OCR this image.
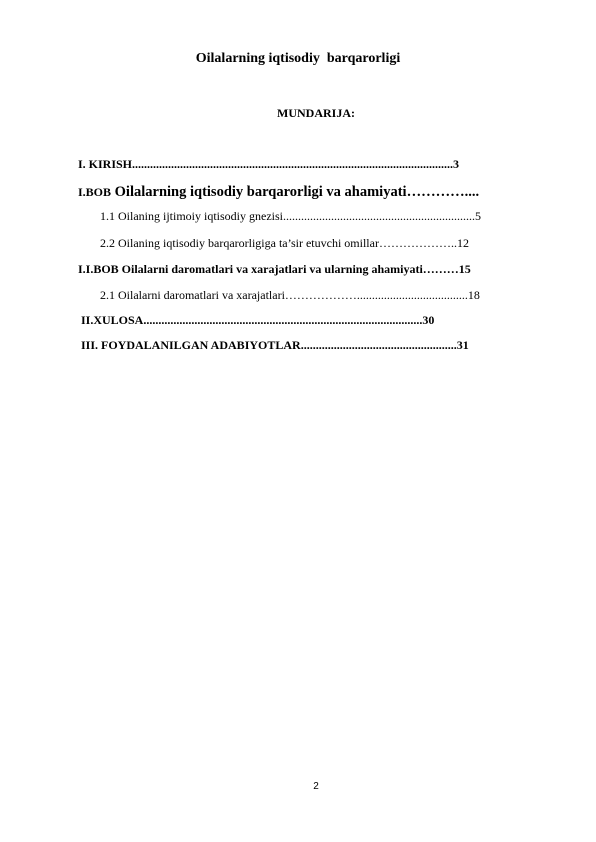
Oilalarning iqtisodiy  barqarorligi
MUNDARIJA:
I. KIRISH...........................................................................................................3
I.BOB Oilalarning iqtisodiy barqarorligi va ahamiyati…………....
1.1 Oilaning ijtimoiy iqtisodiy gnezisi................................................................5
2.2 Oilaning iqtisodiy barqarorligiga ta’sir etuvchi omillar………………..12
I.I.BOB Oilalarni daromatlari va xarajatlari va ularning ahamiyati………15
2.1 Oilalarni daromatlari va xarajatlari……………….....................................18
II.XULOSA.............................................................................................30
III. FOYDALANILGAN ADABIYOTLAR....................................................31
2
